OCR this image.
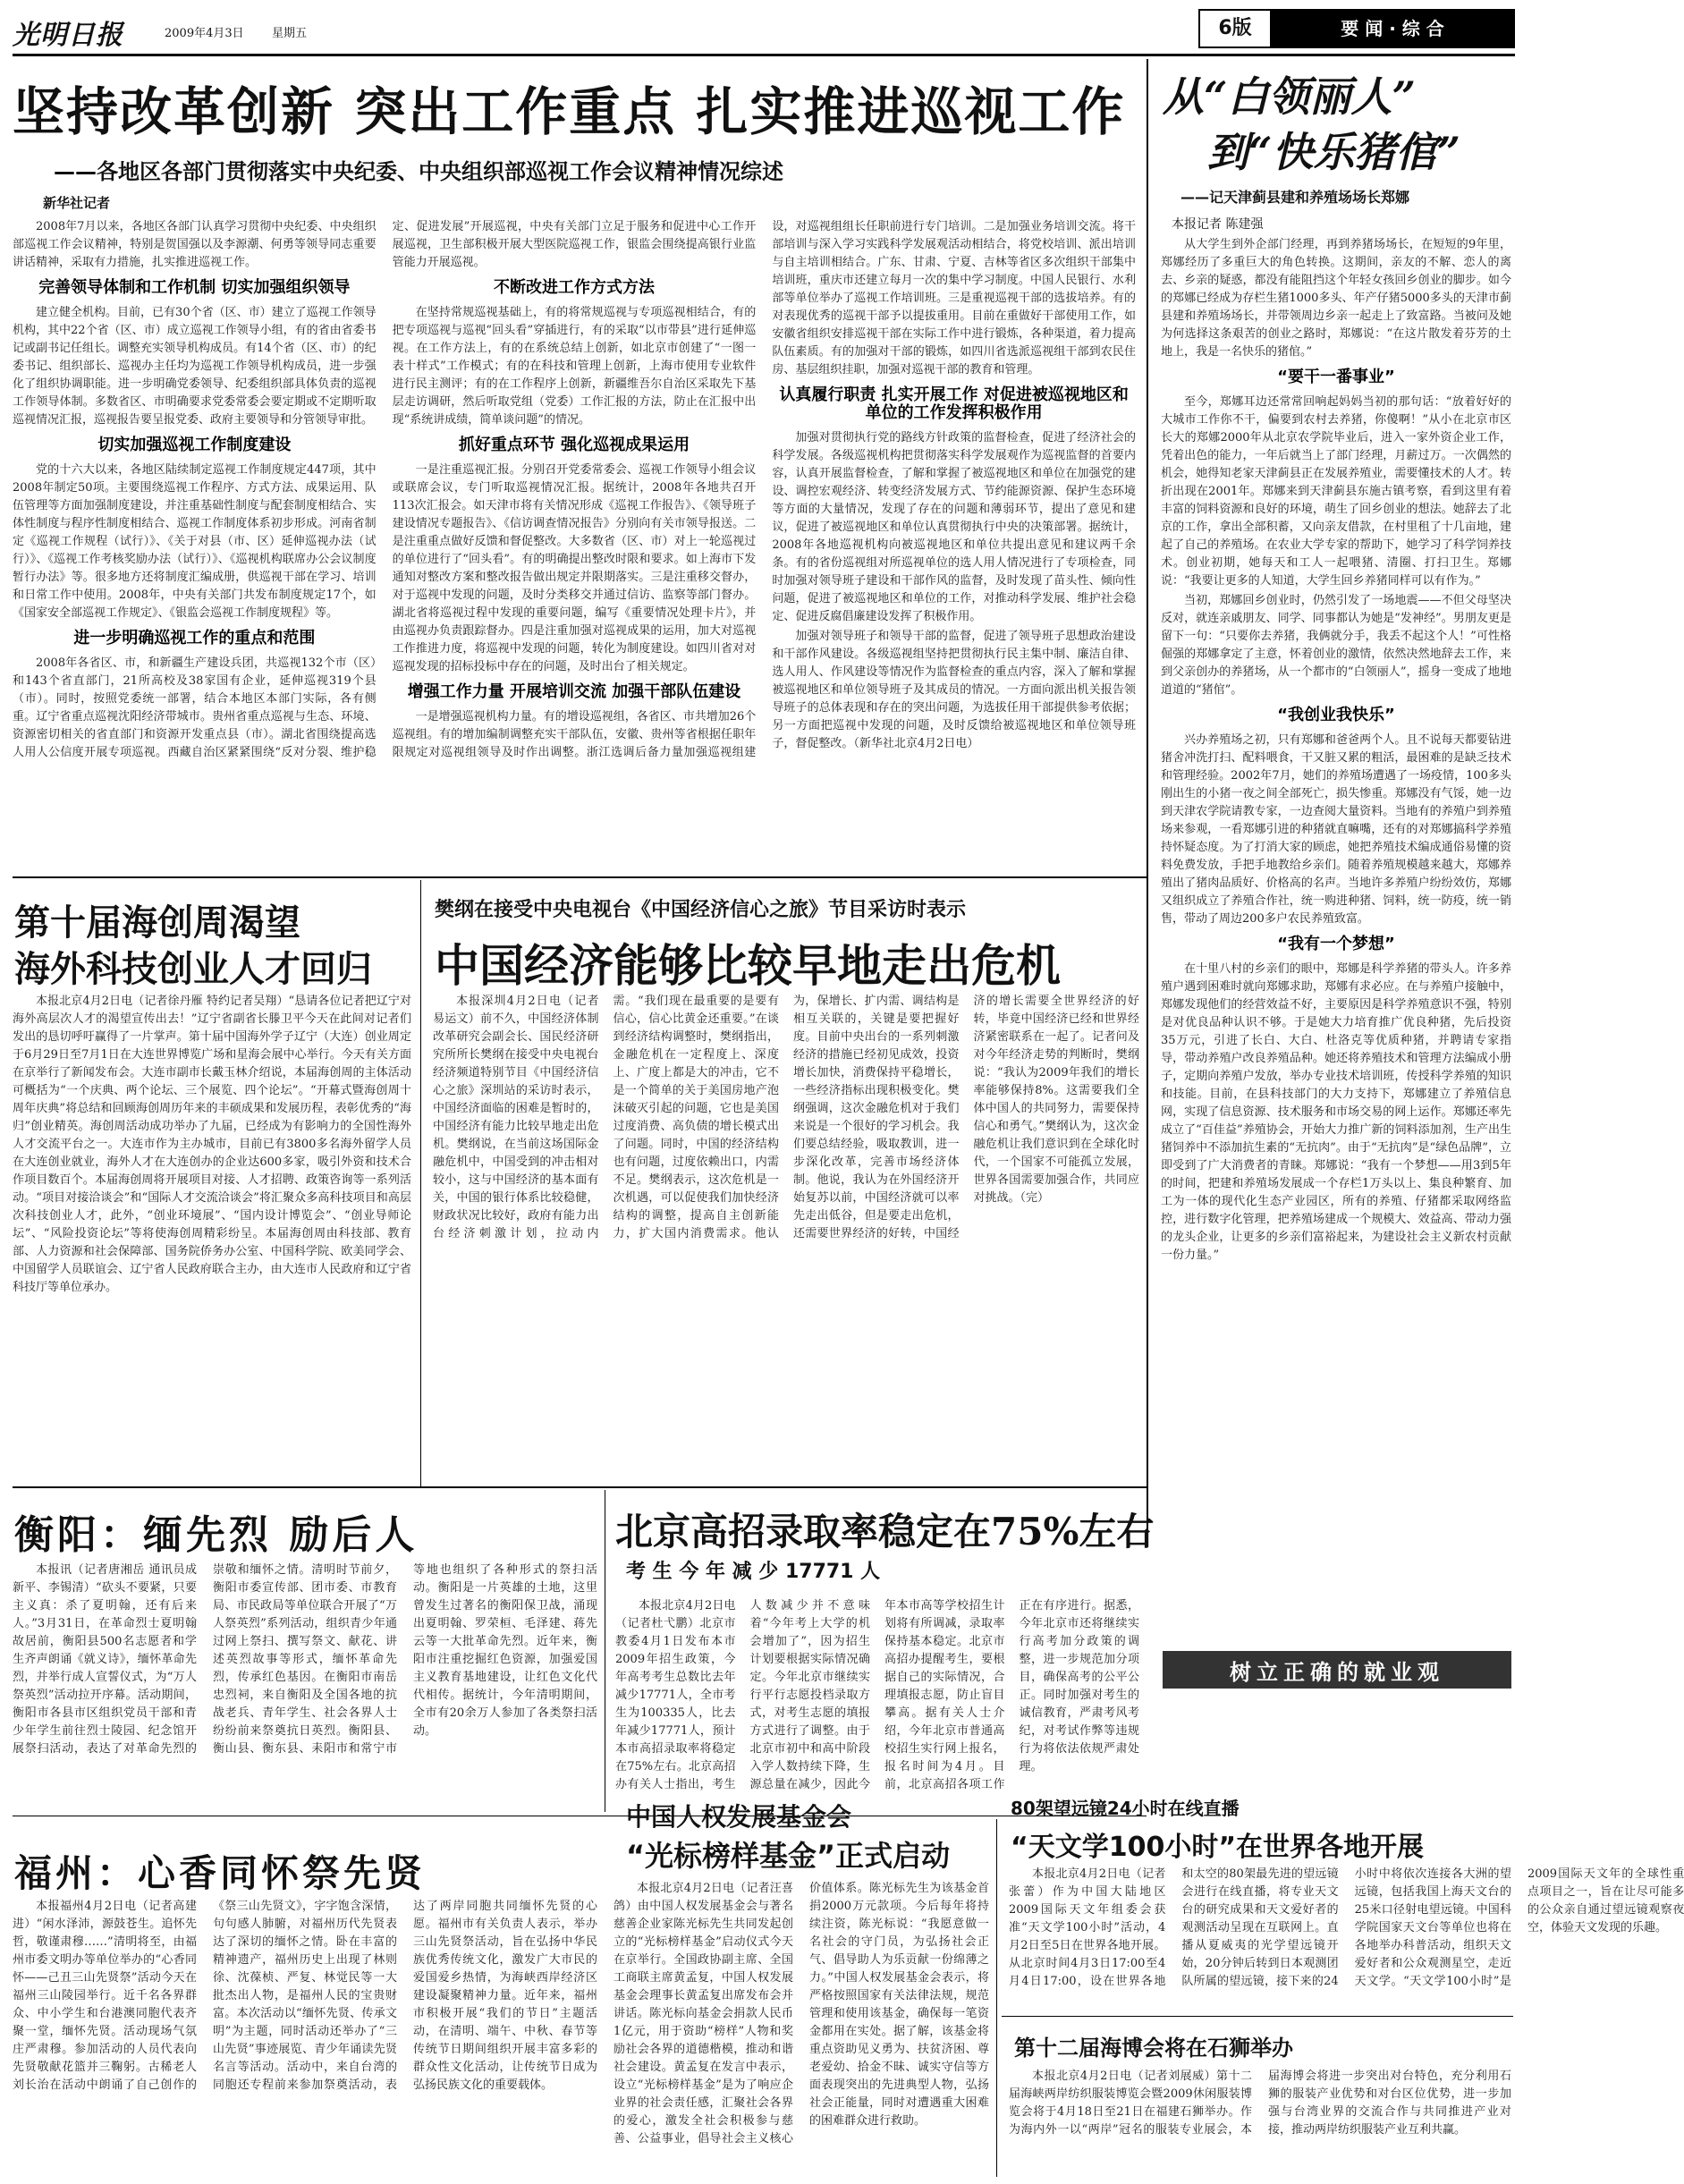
光明日报	2009年4月3日 星期五	6版	要 闻 · 综 合
坚持改革创新 突出工作重点 扎实推进巡视工作
——各地区各部门贯彻落实中央纪委、中央组织部巡视工作会议精神情况综述
新华社记者

2008年7月以来，各地区各部门认真学习贯彻中央纪委、中央组织部巡视工作会议精神，特别是贺国强以及李源潮、何勇等领导同志重要讲话精神，采取有力措施，扎实推进巡视工作。

完善领导体制和工作机制 切实加强组织领导

建立健全机构。目前，已有30个省（区、市）建立了巡视工作领导机构，其中22个省（区、市）成立巡视工作领导小组，有的省由省委书记或副书记任组长。调整充实领导机构成员。有14个省（区、市）的纪委书记、组织部长、巡视办主任均为巡视工作领导机构成员，进一步强化了组织协调职能。进一步明确党委领导、纪委组织部具体负责的巡视工作领导体制。多数省区、市明确要求党委常委会要定期或不定期听取巡视情况汇报，巡视报告要呈报党委、政府主要领导和分管领导审批。

切实加强巡视工作制度建设

党的十六大以来，各地区陆续制定巡视工作制度规定447项，其中2008年制定50项。主要围绕巡视工作程序、方式方法、成果运用、队伍管理等方面加强制度建设，并注重基础性制度与配套制度相结合、实体性制度与程序性制度相结合、巡视工作制度体系初步形成。河南省制定《巡视工作规程（试行）》、《关于对县（市、区）延伸巡视办法（试行）》、《巡视工作考核奖励办法（试行）》、《巡视机构联席办公会议制度暂行办法》等。很多地方还将制度汇编成册，供巡视干部在学习、培训和日常工作中使用。2008年，中央有关部门共发布制度规定17个，如《国家安全部巡视工作规定》、《银监会巡视工作制度规程》等。

进一步明确巡视工作的重点和范围

2008年各省区、市，和新疆生产建设兵团，共巡视132个市（区）和143个省直部门，21所高校及38家国有企业，延伸巡视319个县（市）。同时，按照党委统一部署，结合本地区本部门实际，各有侧重。辽宁省重点巡视沈阳经济带城市。贵州省重点巡视与生态、环境、资源密切相关的省直部门和资源开发重点县（市）。湖北省围绕提高选人用人公信度开展专项巡视。西藏自治区紧紧围绕“反对分裂、维护稳定、促进发展”开展巡视，中央有关部门立足于服务和促进中心工作开展巡视，卫生部积极开展大型医院巡视工作，银监会围绕提高银行业监管能力开展巡视。

不断改进工作方式方法

在坚持常规巡视基础上，有的将常规巡视与专项巡视相结合，有的把专项巡视与巡视“回头看”穿插进行，有的采取“以市带县”进行延伸巡视。在工作方法上，有的在系统总结上创新，如北京市创建了“一图一表十样式”工作模式；有的在科技和管理上创新，上海市使用专业软件进行民主测评；有的在工作程序上创新，新疆维吾尔自治区采取先下基层走访调研，然后听取党组（党委）工作汇报的方法，防止在汇报中出现“系统讲成绩，简单谈问题”的情况。

抓好重点环节 强化巡视成果运用

一是注重巡视汇报。分别召开党委常委会、巡视工作领导小组会议或联席会议，专门听取巡视情况汇报。据统计，2008年各地共召开113次汇报会。如天津市将有关情况形成《巡视工作报告》、《领导班子建设情况专题报告》、《信访调查情况报告》分别向有关市领导报送。二是注重重点做好反馈和督促整改。大多数省（区、市）对上一轮巡视过的单位进行了“回头看”。有的明确提出整改时限和要求。如上海市下发通知对整改方案和整改报告做出规定并限期落实。三是注重移交督办，对于巡视中发现的问题，及时分类移交并通过信访、监察等部门督办。湖北省将巡视过程中发现的重要问题，编写《重要情况处理卡片》，并由巡视办负责跟踪督办。四是注重加强对巡视成果的运用，加大对巡视工作推进力度，将巡视中发现的问题，转化为制度建设。如四川省对对巡视发现的招标投标中存在的问题，及时出台了相关规定。

增强工作力量 开展培训交流 加强干部队伍建设

一是增强巡视机构力量。有的增设巡视组，各省区、市共增加26个巡视组。有的增加编制调整充实干部队伍，安徽、贵州等省根据任职年限规定对巡视组领导及时作出调整。浙江选调后备力量加强巡视组建设，对巡视组组长任职前进行专门培训。二是加强业务培训交流。将干部培训与深入学习实践科学发展观活动相结合，将党校培训、派出培训与自主培训相结合。广东、甘肃、宁夏、吉林等省区多次组织干部集中培训班，重庆市还建立每月一次的集中学习制度。中国人民银行、水利部等单位举办了巡视工作培训班。三是重视巡视干部的选拔培养。有的对表现优秀的巡视干部予以提拔重用。目前在重做好干部使用工作，如安徽省组织安排巡视干部在实际工作中进行锻炼，各种渠道，着力提高队伍素质。有的加强对干部的锻炼，如四川省选派巡视组干部到农民住房、基层组织挂职，加强对巡视干部的教育和管理。

认真履行职责 扎实开展工作 对促进被巡视地区和单位的工作发挥积极作用

加强对贯彻执行党的路线方针政策的监督检查，促进了经济社会的科学发展。各级巡视机构把贯彻落实科学发展观作为巡视监督的首要内容，认真开展监督检查，了解和掌握了被巡视地区和单位在加强党的建设、调控宏观经济、转变经济发展方式、节约能源资源、保护生态环境等方面的大量情况，发现了存在的问题和薄弱环节，提出了意见和建议，促进了被巡视地区和单位认真贯彻执行中央的决策部署。据统计，2008年各地巡视机构向被巡视地区和单位共提出意见和建议两千余条。有的省份巡视组对所巡视单位的选人用人情况进行了专项检查，同时加强对领导班子建设和干部作风的监督，及时发现了苗头性、倾向性问题，促进了被巡视地区和单位的工作，对推动科学发展、维护社会稳定、促进反腐倡廉建设发挥了积极作用。

加强对领导班子和领导干部的监督，促进了领导班子思想政治建设和干部作风建设。各级巡视组坚持把贯彻执行民主集中制、廉洁自律、选人用人、作风建设等情况作为监督检查的重点内容，深入了解和掌握被巡视地区和单位领导班子及其成员的情况。一方面向派出机关报告领导班子的总体表现和存在的突出问题，为选拔任用干部提供参考依据；另一方面把巡视中发现的问题，及时反馈给被巡视地区和单位领导班子，督促整改。（新华社北京4月2日电）

从“白领丽人”
到“快乐猪倌”
——记天津蓟县建和养殖场场长郑娜
本报记者 陈建强

从大学生到外企部门经理，再到养猪场场长，在短短的9年里，郑娜经历了多重巨大的角色转换。这期间，亲友的不解、恋人的离去、乡亲的疑惑，都没有能阻挡这个年轻女孩回乡创业的脚步。如今的郑娜已经成为存栏生猪1000多头、年产仔猪5000多头的天津市蓟县建和养殖场场长，并带领周边乡亲一起走上了致富路。当被问及她为何选择这条艰苦的创业之路时，郑娜说：“在这片散发着芬芳的土地上，我是一名快乐的猪倌。”

“要干一番事业”

至今，郑娜耳边还常常回响起妈妈当初的那句话：“放着好好的大城市工作你不干，偏要到农村去养猪，你傻啊！”从小在北京市区长大的郑娜2000年从北京农学院毕业后，进入一家外资企业工作，凭着出色的能力，一年后就当上了部门经理，月薪过万。一次偶然的机会，她得知老家天津蓟县正在发展养殖业，需要懂技术的人才。转折出现在2001年。郑娜来到天津蓟县东施古镇考察，看到这里有着丰富的饲料资源和良好的环境，萌生了回乡创业的想法。她辞去了北京的工作，拿出全部积蓄，又向亲友借款，在村里租了十几亩地，建起了自己的养殖场。在农业大学专家的帮助下，她学习了科学饲养技术。创业初期，她每天和工人一起喂猪、清圈、打扫卫生。郑娜说：“我要让更多的人知道，大学生回乡养猪同样可以有作为。”

当初，郑娜回乡创业时，仍然引发了一场地震——不但父母坚决反对，就连亲戚朋友、同学、同事都认为她是“发神经”。男朋友更是留下一句：“只要你去养猪，我俩就分手，我丢不起这个人！”可性格倔强的郑娜拿定了主意，怀着创业的激情，依然决然地辞去工作，来到父亲创办的养猪场，从一个都市的“白领丽人”，摇身一变成了地地道道的“猪倌”。

“我创业我快乐”

兴办养殖场之初，只有郑娜和爸爸两个人。且不说每天都要钻进猪舍冲洗打扫、配料喂食，干又脏又累的粗活，最困难的是缺乏技术和管理经验。2002年7月，她们的养殖场遭遇了一场疫情，100多头刚出生的小猪一夜之间全部死亡，损失惨重。郑娜没有气馁，她一边到天津农学院请教专家，一边查阅大量资料。当地有的养殖户到养殖场来参观，一看郑娜引进的种猪就直嘛嘴，还有的对郑娜搞科学养殖持怀疑态度。为了打消大家的顾虑，她把养殖技术编成通俗易懂的资料免费发放，手把手地教给乡亲们。随着养殖规模越来越大，郑娜养殖出了猪肉品质好、价格高的名声。当地许多养殖户纷纷效仿，郑娜又组织成立了养殖合作社，统一购进种猪、饲料，统一防疫，统一销售，带动了周边200多户农民养殖致富。

“我有一个梦想”

在十里八村的乡亲们的眼中，郑娜是科学养猪的带头人。许多养殖户遇到困难时就向郑娜求助，郑娜有求必应。在与养殖户接触中，郑娜发现他们的经营效益不好，主要原因是科学养殖意识不强，特别是对优良品种认识不够。于是她大力培育推广优良种猪，先后投资35万元，引进了长白、大白、杜洛克等优质种猪，并聘请专家指导，带动养殖户改良养殖品种。她还将养殖技术和管理方法编成小册子，定期向养殖户发放，举办专业技术培训班，传授科学养殖的知识和技能。目前，在县科技部门的大力支持下，郑娜建立了养殖信息网，实现了信息资源、技术服务和市场交易的网上运作。郑娜还率先成立了“百佳益”养殖协会，开始大力推广新的饲料添加剂，生产出生猪饲养中不添加抗生素的“无抗肉”。由于“无抗肉”是“绿色品牌”，立即受到了广大消费者的青睐。郑娜说：“我有一个梦想——用3到5年的时间，把建和养殖场发展成一个存栏1万头以上、集良种繁育、加工为一体的现代化生态产业园区，所有的养殖、仔猪都采取网络监控，进行数字化管理，把养殖场建成一个规模大、效益高、带动力强的龙头企业，让更多的乡亲们富裕起来，为建设社会主义新农村贡献一份力量。”

树立正确的就业观
第十届海创周渴望
海外科技创业人才回归

本报北京4月2日电（记者徐丹雁 特约记者吴翔）“恳请各位记者把辽宁对海外高层次人才的渴望宣传出去！”辽宁省副省长滕卫平今天在此间对记者们发出的恳切呼吁赢得了一片掌声。第十届中国海外学子辽宁（大连）创业周定于6月29日至7月1日在大连世界博览广场和星海会展中心举行。今天有关方面在京举行了新闻发布会。大连市副市长戴玉林介绍说，本届海创周的主体活动可概括为“一个庆典、两个论坛、三个展览、四个论坛”。“开幕式暨海创周十周年庆典”将总结和回顾海创周历年来的丰硕成果和发展历程，表彰优秀的“海归”创业精英。海创周活动成功举办了九届，已经成为有影响力的全国性海外人才交流平台之一。大连市作为主办城市，目前已有3800多名海外留学人员在大连创业就业，海外人才在大连创办的企业达600多家，吸引外资和技术合作项目数百个。本届海创周将开展项目对接、人才招聘、政策咨询等一系列活动。“项目对接洽谈会”和“国际人才交流洽谈会”将汇聚众多高科技项目和高层次科技创业人才，此外，“创业环境展”、“国内设计博览会”、“创业导师论坛”、“风险投资论坛”等将使海创周精彩纷呈。本届海创周由科技部、教育部、人力资源和社会保障部、国务院侨务办公室、中国科学院、欧美同学会、中国留学人员联谊会、辽宁省人民政府联合主办，由大连市人民政府和辽宁省科技厅等单位承办。

樊纲在接受中央电视台《中国经济信心之旅》节目采访时表示
中国经济能够比较早地走出危机

本报深圳4月2日电（记者易运文）前不久，中国经济体制改革研究会副会长、国民经济研究所所长樊纲在接受中央电视台经济频道特别节目《中国经济信心之旅》深圳站的采访时表示，中国经济面临的困难是暂时的，中国经济有能力比较早地走出危机。樊纲说，在当前这场国际金融危机中，中国受到的冲击相对较小，这与中国经济的基本面有关，中国的银行体系比较稳健，财政状况比较好，政府有能力出台经济刺激计划，拉动内需。“我们现在最重要的是要有信心，信心比黄金还重要。”在谈到经济结构调整时，樊纲指出，金融危机在一定程度上、深度上、广度上都是大的冲击，它不是一个简单的关于美国房地产泡沫破灭引起的问题，它也是美国过度消费、高负债的增长模式出了问题。同时，中国的经济结构也有问题，过度依赖出口，内需不足。樊纲表示，这次危机是一次机遇，可以促使我们加快经济结构的调整，提高自主创新能力，扩大国内消费需求。他认为，保增长、扩内需、调结构是相互关联的，关键是要把握好度。目前中央出台的一系列刺激经济的措施已经初见成效，投资增长加快，消费保持平稳增长，一些经济指标出现积极变化。樊纲强调，这次金融危机对于我们来说是一个很好的学习机会。我们要总结经验，吸取教训，进一步深化改革，完善市场经济体制。他说，我认为在外国经济开始复苏以前，中国经济就可以率先走出低谷，但是要走出危机，还需要世界经济的好转，中国经济的增长需要全世界经济的好转，毕竟中国经济已经和世界经济紧密联系在一起了。记者问及对今年经济走势的判断时，樊纲说：“我认为2009年我们的增长率能够保持8%。这需要我们全体中国人的共同努力，需要保持信心和勇气。”樊纲认为，这次金融危机让我们意识到在全球化时代，一个国家不可能孤立发展，世界各国需要加强合作，共同应对挑战。（完）

衡阳：缅先烈 励后人

本报讯（记者唐湘岳 通讯员成新平、李锡清）“砍头不要紧，只要主义真：杀了夏明翰，还有后来人。”3月31日，在革命烈士夏明翰故居前，衡阳县500名志愿者和学生齐声朗诵《就义诗》，缅怀革命先烈，并举行成人宣誓仪式，为“万人祭英烈”活动拉开序幕。活动期间，衡阳市各县市区组织党员干部和青少年学生前往烈士陵园、纪念馆开展祭扫活动，表达了对革命先烈的崇敬和缅怀之情。清明时节前夕，衡阳市委宣传部、团市委、市教育局、市民政局等单位联合开展了“万人祭英烈”系列活动，组织青少年通过网上祭扫、撰写祭文、献花、讲述英烈故事等形式，缅怀革命先烈，传承红色基因。在衡阳市南岳忠烈祠，来自衡阳及全国各地的抗战老兵、青年学生、社会各界人士纷纷前来祭奠抗日英烈。衡阳县、衡山县、衡东县、耒阳市和常宁市等地也组织了各种形式的祭扫活动。衡阳是一片英雄的土地，这里曾发生过著名的衡阳保卫战，涌现出夏明翰、罗荣桓、毛泽建、蒋先云等一大批革命先烈。近年来，衡阳市注重挖掘红色资源，加强爱国主义教育基地建设，让红色文化代代相传。据统计，今年清明期间，全市有20余万人参加了各类祭扫活动。

北京高招录取率稳定在75%左右
考 生 今 年 减 少 17771 人

本报北京4月2日电（记者杜弋鹏）北京市教委4月1日发布本市2009年招生政策，今年高考考生总数比去年减少17771人，全市考生为100335人，比去年减少17771人，预计本市高招录取率将稳定在75%左右。北京高招办有关人士指出，考生人数减少并不意味着“今年考上大学的机会增加了”，因为招生计划要根据实际情况确定。今年北京市继续实行平行志愿投档录取方式，对考生志愿的填报方式进行了调整。由于北京市初中和高中阶段入学人数持续下降，生源总量在减少，因此今年本市高等学校招生计划将有所调减，录取率保持基本稳定。北京市高招办提醒考生，要根据自己的实际情况，合理填报志愿，防止盲目攀高。据有关人士介绍，今年北京市普通高校招生实行网上报名，报名时间为4月。目前，北京高招各项工作正在有序进行。据悉，今年北京市还将继续实行高考加分政策的调整，进一步规范加分项目，确保高考的公平公正。同时加强对考生的诚信教育，严肃考风考纪，对考试作弊等违规行为将依法依规严肃处理。

福州：心香同怀祭先贤

本报福州4月2日电（记者高建进）“闲水泽沛，源鼓苍生。追怀先哲，敬谨肃穆……”清明将至，由福州市委文明办等单位举办的“心香同怀——己丑三山先贤祭”活动今天在福州三山陵园举行。近千名各界群众、中小学生和台港澳同胞代表齐聚一堂，缅怀先贤。活动现场气氛庄严肃穆。参加活动的人员代表向先贤敬献花篮并三鞠躬。古稀老人刘长治在活动中朗诵了自己创作的《祭三山先贤文》，字字饱含深情，句句感人肺腑，对福州历代先贤表达了深切的缅怀之情。卧在丰富的精神遗产，福州历史上出现了林则徐、沈葆桢、严复、林觉民等一大批杰出人物，是福州人民的宝贵财富。本次活动以“缅怀先贤、传承文明”为主题，同时活动还举办了“三山先贤”事迹展览、青少年诵读先贤名言等活动。活动中，来自台湾的同胞还专程前来参加祭奠活动，表达了两岸同胞共同缅怀先贤的心愿。福州市有关负责人表示，举办三山先贤祭活动，旨在弘扬中华民族优秀传统文化，激发广大市民的爱国爱乡热情，为海峡西岸经济区建设凝聚精神力量。近年来，福州市积极开展“我们的节日”主题活动，在清明、端午、中秋、春节等传统节日期间组织开展丰富多彩的群众性文化活动，让传统节日成为弘扬民族文化的重要载体。

中国人权发展基金会
“光标榜样基金”正式启动

本报北京4月2日电（记者汪喜鸽）由中国人权发展基金会与著名慈善企业家陈光标先生共同发起创立的“光标榜样基金”启动仪式今天在京举行。全国政协副主席、全国工商联主席黄孟复，中国人权发展基金会理事长黄孟复出席发布会并讲话。陈光标向基金会捐款人民币1亿元，用于资助“榜样”人物和奖励社会各界的道德楷模，推动和谐社会建设。黄孟复在发言中表示，设立“光标榜样基金”是为了响应企业界的社会责任感，汇聚社会各界的爱心，激发全社会积极参与慈善、公益事业，倡导社会主义核心价值体系。陈光标先生为该基金首捐2000万元款项。今后每年将持续注资，陈光标说：“我愿意做一名社会的守门员，为弘扬社会正气、倡导助人为乐贡献一份绵薄之力。”中国人权发展基金会表示，将严格按照国家有关法律法规，规范管理和使用该基金，确保每一笔资金都用在实处。据了解，该基金将重点资助见义勇为、扶贫济困、尊老爱幼、拾金不昧、诚实守信等方面表现突出的先进典型人物，弘扬社会正能量，同时对遭遇重大困难的困难群众进行救助。

80架望远镜24小时在线直播
“天文学100小时”在世界各地开展

本报北京4月2日电（记者张蕾）作为中国大陆地区2009国际天文年组委会获准“天文学100小时”活动，4月2日至5日在世界各地开展。从北京时间4月3日17:00至4月4日17:00，设在世界各地和太空的80架最先进的望远镜会进行在线直播，将专业天文台的研究成果和天文爱好者的观测活动呈现在互联网上。直播从夏威夷的光学望远镜开始，20分钟后转到日本观测团队所属的望远镜，接下来的24小时中将依次连接各大洲的望远镜，包括我国上海天文台的25米口径射电望远镜。中国科学院国家天文台等单位也将在各地举办科普活动，组织天文爱好者和公众观测星空，走近天文学。“天文学100小时”是2009国际天文年的全球性重点项目之一，旨在让尽可能多的公众亲自通过望远镜观察夜空，体验天文发现的乐趣。

第十二届海博会将在石狮举办

本报北京4月2日电（记者刘展威）第十二届海峡两岸纺织服装博览会暨2009休闲服装博览会将于4月18日至21日在福建石狮举办。作为海内外一以“两岸”冠名的服装专业展会，本届海博会将进一步突出对台特色，充分利用石狮的服装产业优势和对台区位优势，进一步加强与台湾业界的交流合作与共同推进产业对接，推动两岸纺织服装产业互利共赢。
